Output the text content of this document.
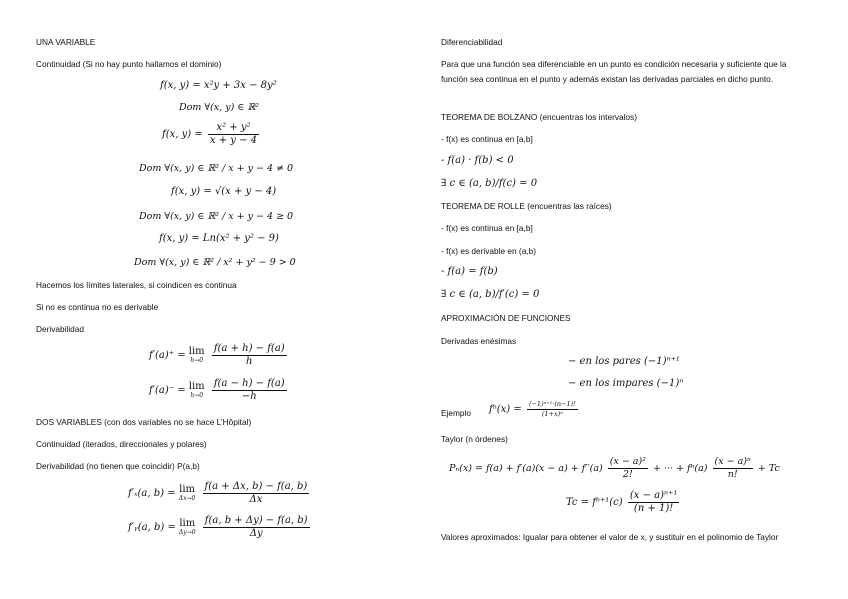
UNA VARIABLE
Continuidad (Si no hay punto hallamos el dominio)
f(x, y) = x²y + 3x − 8y²
Dom ∀(x, y) ∈ ℝ²
f(x, $y) = \frac{\text{x² + y²}}{x + y - 4}$
Dom ∀(x, y) ∈ ℝ² / x + y − 4 ≠ 0
f(x, y) = √(x + y − 4)
Dom ∀(x, y) ∈ ℝ² / x + y − 4 ≥ 0
f(x, y) = Ln(x² + y² − 9)
Dom ∀(x, y) ∈ ℝ² / x² + y² − 9 > 0
Hacemos los límites laterales, si coindicen es continua
Si no es continua no es derivable
Derivabilidad
f′(a)⁺ = lim
h→0
$\frac{f(a + h) - f(a)}{h}$
f′(a)⁻ = lim
h→0
$\frac{f(a - h) - f(a)}{-h}$
DOS VARIABLES (con dos variables no se hace L’Hôpital)
Continuidad (iterados, direccionales y polares)
Derivabilidad (no tienen que coincidir) P(a,b)
f′ₓ(a, b) = lim
Δx→0
$\frac{f(a + \Delta x, b) - f(a, b)}{\Delta x}$
f′ᵧ(a, b) = lim
Δy→0
$\frac{f(a, b + \Delta y) - f(a, b)}{\Delta y}$
Diferenciabilidad
Para que una función sea diferenciable en un punto es condición necesaria y suficiente que la función sea continua en el punto y además existan las derivadas parciales en dicho punto.
TEOREMA DE BOLZANO (encuentras los intervalos)
- f(x) es continua en [a,b]
- f(a) · f(b) < 0
∃ c ∈ (a, b)/f(c) = 0
TEOREMA DE ROLLE (encuentras las raíces)
- f(x) es continua en [a,b]
- f(x) es derivable en (a,b)
- f(a) = f(b)
∃ c ∈ (a, b)/f′(c) = 0
APROXIMACIÓN DE FUNCIONES
Derivadas enésimas
− en los pares (−1)ⁿ⁺¹
− en los impares (−1)ⁿ
Ejemplo $f^n(x) = \frac{\text{(−1)ⁿ⁺¹·(n−1)!}}{\text{(1+x)ⁿ}}$
Taylor (n órdenes)
$P_n(x) = f(a) + f'(a)(x - a) + f''(a) \frac{\text{(x − a)²}}{2!}$ + ··· + $f^n(a) \frac{\text{(x − a)ⁿ}}{n!} + Tc$
$Tc = f^{n+1}(c) \frac{\text{(x − a)ⁿ⁺¹}}{(n + 1)!}$
Valores aproximados: Igualar para obtener el valor de x, y sustituir en el polinomio de Taylor
